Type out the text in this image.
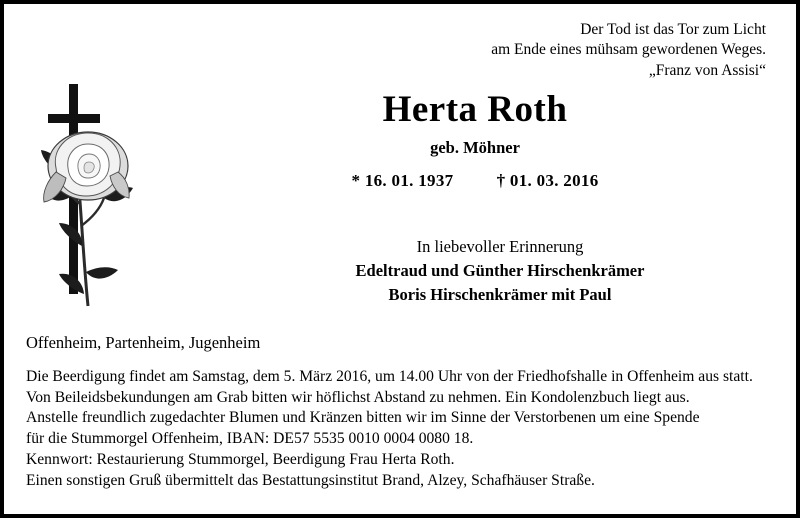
Der Tod ist das Tor zum Licht
am Ende eines mühsam gewordenen Weges.
„Franz von Assisi“
Herta Roth
geb. Möhner
* 16. 01. 1937	† 01. 03. 2016
In liebevoller Erinnerung
Edeltraud und Günther Hirschenkrämer
Boris Hirschenkrämer mit Paul
Offenheim, Partenheim, Jugenheim
Die Beerdigung findet am Samstag, dem 5. März 2016, um 14.00 Uhr von der Friedhofshalle in Offenheim aus statt.
Von Beileidsbekundungen am Grab bitten wir höflichst Abstand zu nehmen. Ein Kondolenzbuch liegt aus.
Anstelle freundlich zugedachter Blumen und Kränzen bitten wir im Sinne der Verstorbenen um eine Spende
für die Stummorgel Offenheim, IBAN: DE57 5535 0010 0004 0080 18.
Kennwort: Restaurierung Stummorgel, Beerdigung Frau Herta Roth.
Einen sonstigen Gruß übermittelt das Bestattungsinstitut Brand, Alzey, Schafhäuser Straße.
